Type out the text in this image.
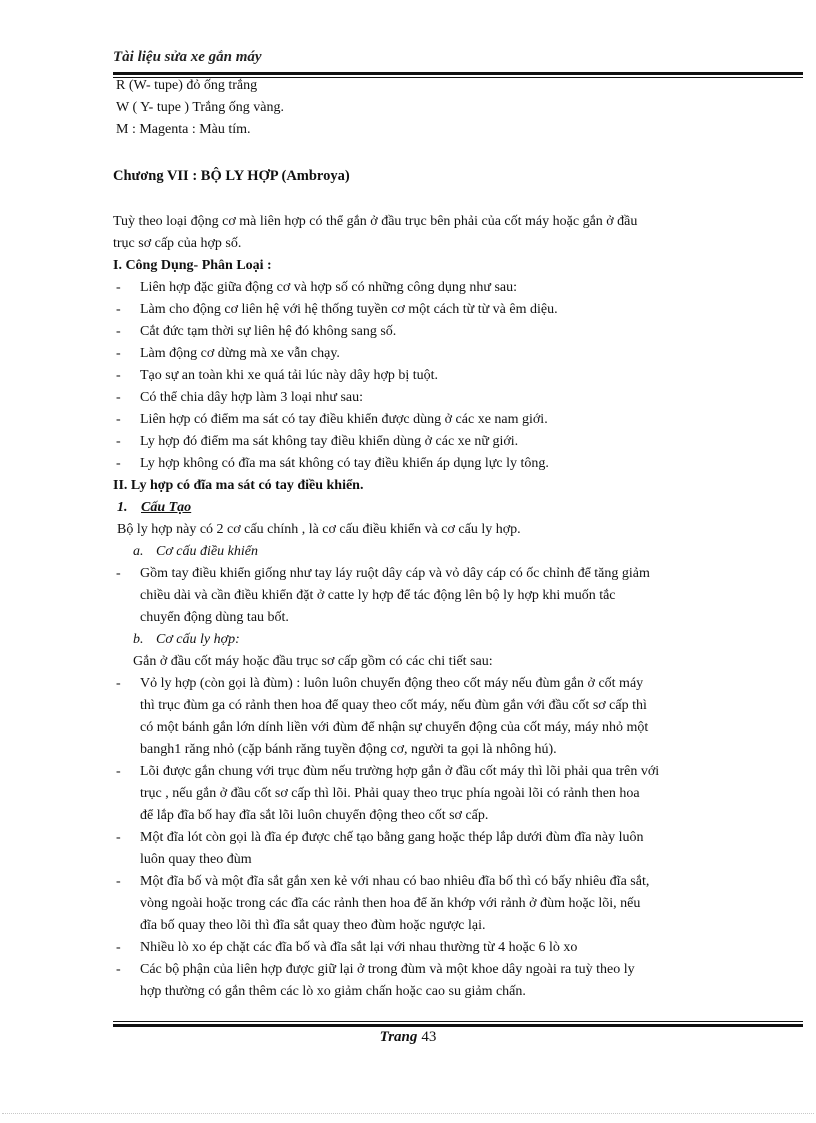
Tài liệu sửa xe gắn máy
R (W- tupe) đỏ ống trắng
W ( Y- tupe ) Trắng ống vàng.
M : Magenta : Màu tím.
Chương VII : BỘ LY HỢP (Ambroya)
Tuỳ theo loại động cơ mà liên hợp có thể gắn ở đầu trục bên phải của cốt máy hoặc gắn ở đầu
trục sơ cấp của hợp số.
I. Công Dụng- Phân Loại :
-	Liên hợp đặc giữa động cơ và hợp số có những công dụng như sau:
-	Làm cho động cơ liên hệ với hệ thống tuyền cơ một cách từ từ và êm diệu.
-	Cắt đức tạm thời sự liên hệ đó không sang số.
-	Làm động cơ dừng mà xe vẫn chạy.
-	Tạo sự an toàn khi xe quá tải lúc này dây hợp bị tuột.
-	Có thể chia dây hợp làm 3 loại như sau:
-	Liên hợp có điểm ma sát có tay điều khiển được dùng ở các xe nam giới.
-	Ly hợp đó điểm ma sát không tay điều khiển dùng ở các xe nữ giới.
-	Ly hợp không có đĩa ma sát không có tay điều khiển áp dụng lực ly tông.
II. Ly hợp có đĩa ma sát có tay điều khiển.
1. Cấu Tạo
Bộ ly hợp này có 2 cơ cấu chính , là cơ cấu điều khiển và cơ cấu ly hợp.
a. Cơ cấu điều khiển
-	Gồm tay điều khiển giống như tay láy ruột dây cáp và vỏ dây cáp có ốc chỉnh để tăng giảm
chiều dài và cần điều khiển đặt ở catte ly hợp để tác động lên bộ ly hợp khi muốn tắc
chuyển động dùng tau bốt.
b. Cơ cấu ly hợp:
Gắn ở đầu cốt máy hoặc đầu trục sơ cấp gồm có các chi tiết sau:
-	Vỏ ly hợp (còn gọi là đùm) : luôn luôn chuyển động theo cốt máy nếu đùm gắn ở cốt máy
thì trục đùm ga có rảnh then hoa để quay theo cốt máy, nếu đùm gắn với đầu cốt sơ cấp thì
có một bánh gắn lớn dính liền với đùm để nhận sự chuyển động của cốt máy, máy nhỏ một
bangh1 răng nhỏ (cặp bánh răng tuyền động cơ, người ta gọi là nhông hú).
-	Lõi được gắn chung với trục đùm nếu trường hợp gắn ở đầu cốt máy thì lõi phải qua trên với
trục , nếu gắn ở đầu cốt sơ cấp thì lõi. Phải quay theo trục phía ngoài lõi có rảnh then hoa
để lắp đĩa bố hay đĩa sắt lõi luôn chuyển động theo cốt sơ cấp.
-	Một đĩa lót còn gọi là đĩa ép được chế tạo bằng gang hoặc thép lắp dưới đùm đĩa này luôn
luôn quay theo đùm
-	Một đĩa bố và một đĩa sắt gắn xen kẻ với nhau có bao nhiêu đĩa bố thì có bấy nhiêu đĩa sắt,
vòng ngoài hoặc trong các đĩa các rảnh then hoa để ăn khớp với rảnh ở đùm hoặc lõi, nếu
đĩa bố quay theo lõi thì đĩa sắt quay theo đùm hoặc ngược lại.
-	Nhiều lò xo ép chặt các đĩa bố và đĩa sắt lại với nhau thường từ 4 hoặc 6 lò xo
-	Các bộ phận của liên hợp được giữ lại ở trong đùm và một khoe dây ngoài ra tuỳ theo ly
hợp thường có gắn thêm các lò xo giảm chấn hoặc cao su giảm chấn.
Trang 43
